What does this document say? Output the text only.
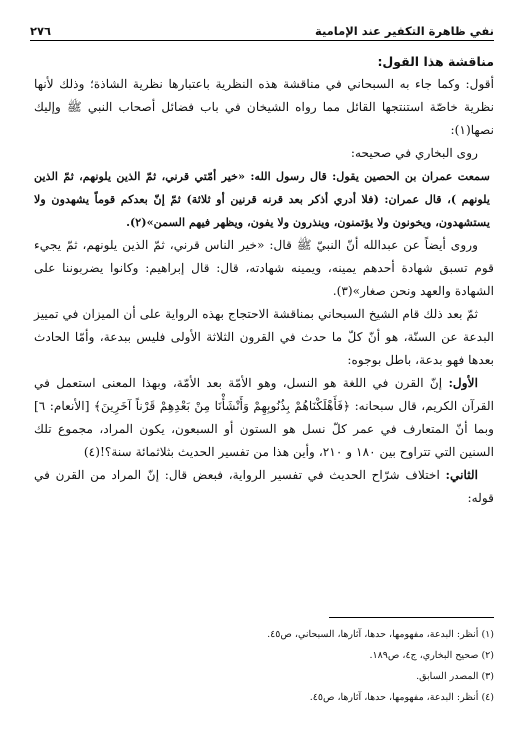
نفي ظاهرة التكفير عند الإمامية
٢٧٦

مناقشة هذا القول:

أقول: وكما جاء به السبحاني في مناقشة هذه النظرية باعتبارها نظرية الشاذة؛ وذلك لأنها نظرية خاصّة استنتجها القائل مما رواه الشيخان في باب فضائل أصحاب النبي ﷺ وإليك نصها(١):

روى البخاري في صحيحه:

سمعت عمران بن الحصين يقول: قال رسول الله: «خير أمّتي قرني، ثمّ الذين يلونهم، ثمّ الذين يلونهم )، قال عمران: (فلا أدري أذكر بعد قرنه قرنين أو ثلاثة) ثمّ إنّ بعدكم قوماً يشهدون ولا يستشهدون، ويخونون ولا يؤتمنون، وينذرون ولا يفون، ويظهر فيهم السمن»(٢).

وروى أيضاً عن عبدالله أنّ النبيّ ﷺ قال: «خير الناس قرني، ثمّ الذين يلونهم، ثمّ يجيء قوم تسبق شهادة أحدهم يمينه، ويمينه شهادته، قال: قال إبراهيم: وكانوا يضربوننا على الشهادة والعهد ونحن صغار»(٣).

ثمّ بعد ذلك قام الشيخ السبحاني بمناقشة الاحتجاج بهذه الرواية على أن الميزان في تمييز البدعة عن السنّة، هو أنّ كلّ ما حدث في القرون الثلاثة الأولى فليس ببدعة، وأمّا الحادث بعدها فهو بدعة، باطل بوجوه:

الأول: إنّ القرن في اللغة هو النسل، وهو الأمّة بعد الأمّة، وبهذا المعنى استعمل في القرآن الكريم، قال سبحانه: ﴿فَأَهْلَكْنَاهُمْ بِذُنُوبِهِمْ وَأَنْشَأْنَا مِنْ بَعْدِهِمْ قَرْناً آخَرِينَ﴾ [الأنعام: ٦] وبما أنّ المتعارف في عمر كلّ نسل هو الستون أو السبعون، يكون المراد، مجموع تلك السنين التي تتراوح بين ١٨٠ و ٢١٠، وأين هذا من تفسير الحديث بثلاثمائة سنة؟!(٤)

الثاني: اختلاف شرّاح الحديث في تفسير الرواية، فبعض قال: إنّ المراد من القرن في قوله:

(١) أنظر: البدعة، مفهومها، حدها، آثارها، السبحاني، ص٤٥.
(٢) صحيح البخاري، ج٤، ص١٨٩.
(٣) المصدر السابق.
(٤) أنظر: البدعة، مفهومها، حدها، آثارها، ص٤٥.
